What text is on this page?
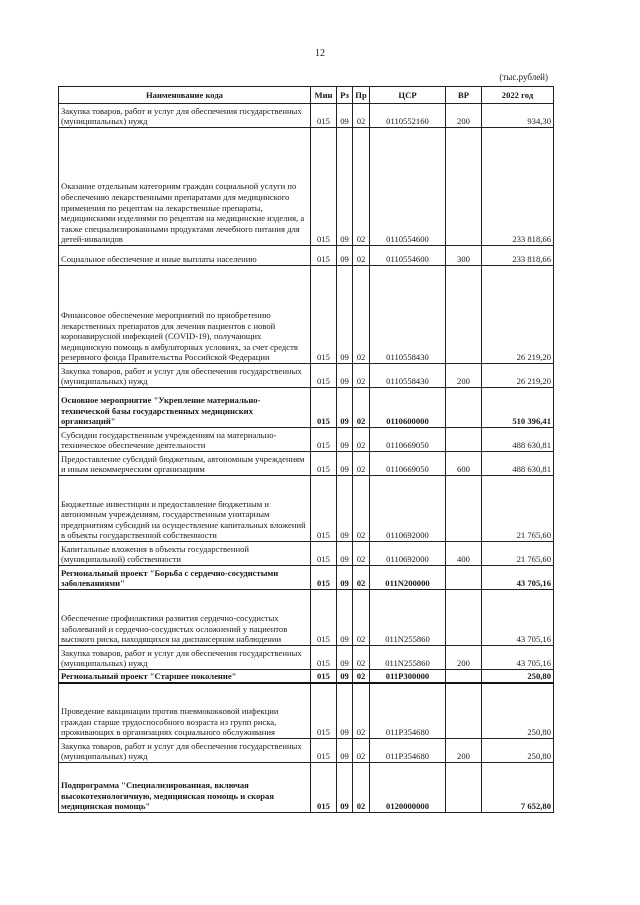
12
(тыс.рублей)
Наименование кода	Мин	Рз	Пр	ЦСР	ВР	2022 год
Закупка товаров, работ и услуг для обеспечения государственных (муниципальных) нужд	015	09	02	0110552160	200	934,30
Оказание отдельным категориям граждан социальной услуги по обеспечению лекарственными препаратами для медицинского применения по рецептам на лекарственные препараты, медицинскими изделиями по рецептам на медицинские изделия, а также специализированными продуктами лечебного питания для детей-инвалидов	015	09	02	0110554600		233 818,66
Социальное обеспечение и иные выплаты населению	015	09	02	0110554600	300	233 818,66
Финансовое обеспечение мероприятий по приобретению лекарственных препаратов для лечения пациентов с новой коронавирусной инфекцией (COVID-19), получающих медицинскую помощь в амбулаторных условиях, за счет средств резервного фонда Правительства Российской Федерации	015	09	02	0110558430		26 219,20
Закупка товаров, работ и услуг для обеспечения государственных (муниципальных) нужд	015	09	02	0110558430	200	26 219,20
Основное мероприятие "Укрепление материально-технической базы государственных медицинских организаций"	015	09	02	0110600000		510 396,41
Субсидии государственным учреждениям на материально-техническое обеспечение деятельности	015	09	02	0110669050		488 630,81
Предоставление субсидий бюджетным, автономным учреждениям и иным некоммерческим организациям	015	09	02	0110669050	600	488 630,81
Бюджетные инвестиции и предоставление бюджетным и автономным учреждениям, государственным унитарным предприятиям субсидий на осуществление капитальных вложений в объекты государственной собственности	015	09	02	0110692000		21 765,60
Капитальные вложения в объекты государственной (муниципальной) собственности	015	09	02	0110692000	400	21 765,60
Региональный проект "Борьба с сердечно-сосудистыми заболеваниями"	015	09	02	011N200000		43 705,16
Обеспечение профилактики развития сердечно-сосудистых заболеваний и сердечно-сосудистых осложнений у пациентов высокого риска, находящихся на диспансерном наблюдении	015	09	02	011N255860		43 705,16
Закупка товаров, работ и услуг для обеспечения государственных (муниципальных) нужд	015	09	02	011N255860	200	43 705,16
Региональный проект "Старшее поколение"	015	09	02	011P300000		250,80
Проведение вакцинации против пневмококковой инфекции граждан старше трудоспособного возраста из групп риска, проживающих в организациях социального обслуживания	015	09	02	011P354680		250,80
Закупка товаров, работ и услуг для обеспечения государственных (муниципальных) нужд	015	09	02	011P354680	200	250,80
Подпрограмма "Специализированная, включая высокотехнологичную, медицинская помощь и скорая медицинская помощь"	015	09	02	0120000000		7 652,80
